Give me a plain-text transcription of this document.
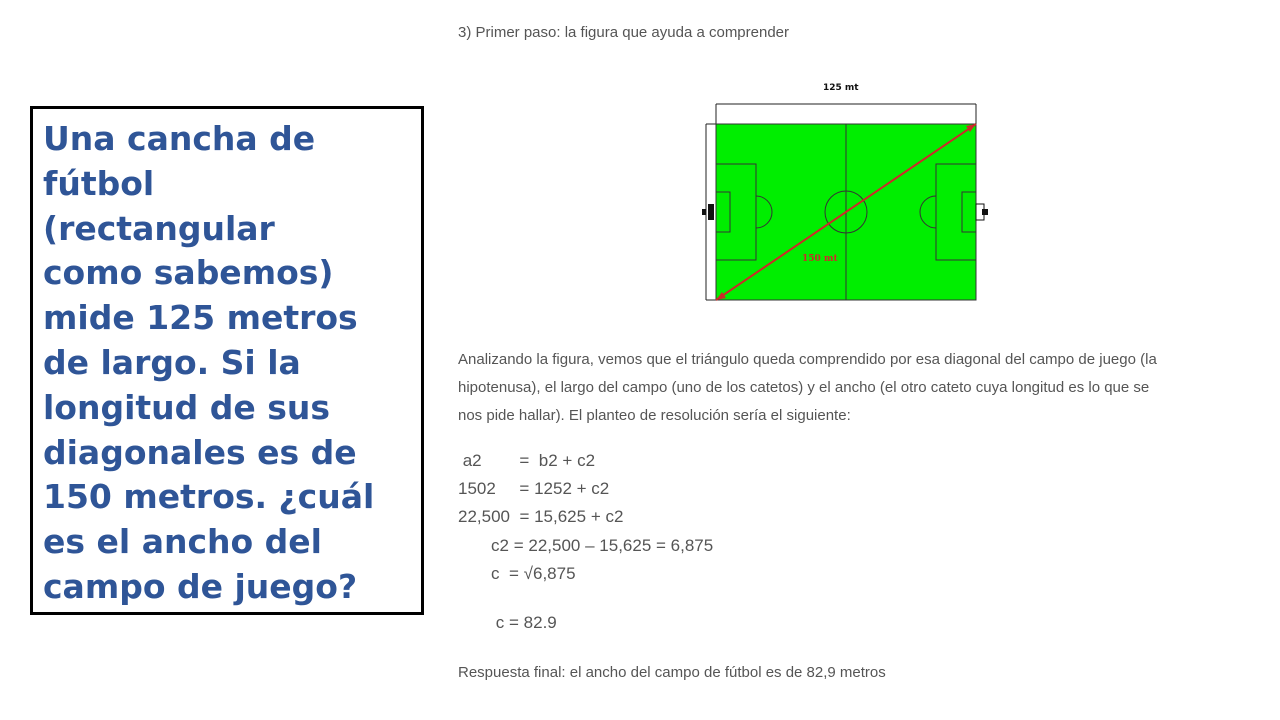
Una cancha de
fútbol
(rectangular
como sabemos)
mide 125 metros
de largo. Si la
longitud de sus
diagonales es de
150 metros. ¿cuál
es el ancho del
campo de juego?

3) Primer paso: la figura que ayuda a comprender
125 mt
150 mt

Analizando la figura, vemos que el triángulo queda comprendido por esa diagonal del campo de juego (la
hipotenusa), el largo del campo (uno de los catetos) y el ancho (el otro cateto cuya longitud es lo que se
nos pide hallar). El planteo de resolución sería el siguiente:

a2        =  b2 + c2
1502     = 1252 + c2
22,500  = 15,625 + c2
c2 = 22,500 – 15,625 = 6,875
c  = √6,875
c = 82.9
Respuesta final: el ancho del campo de fútbol es de 82,9 metros
